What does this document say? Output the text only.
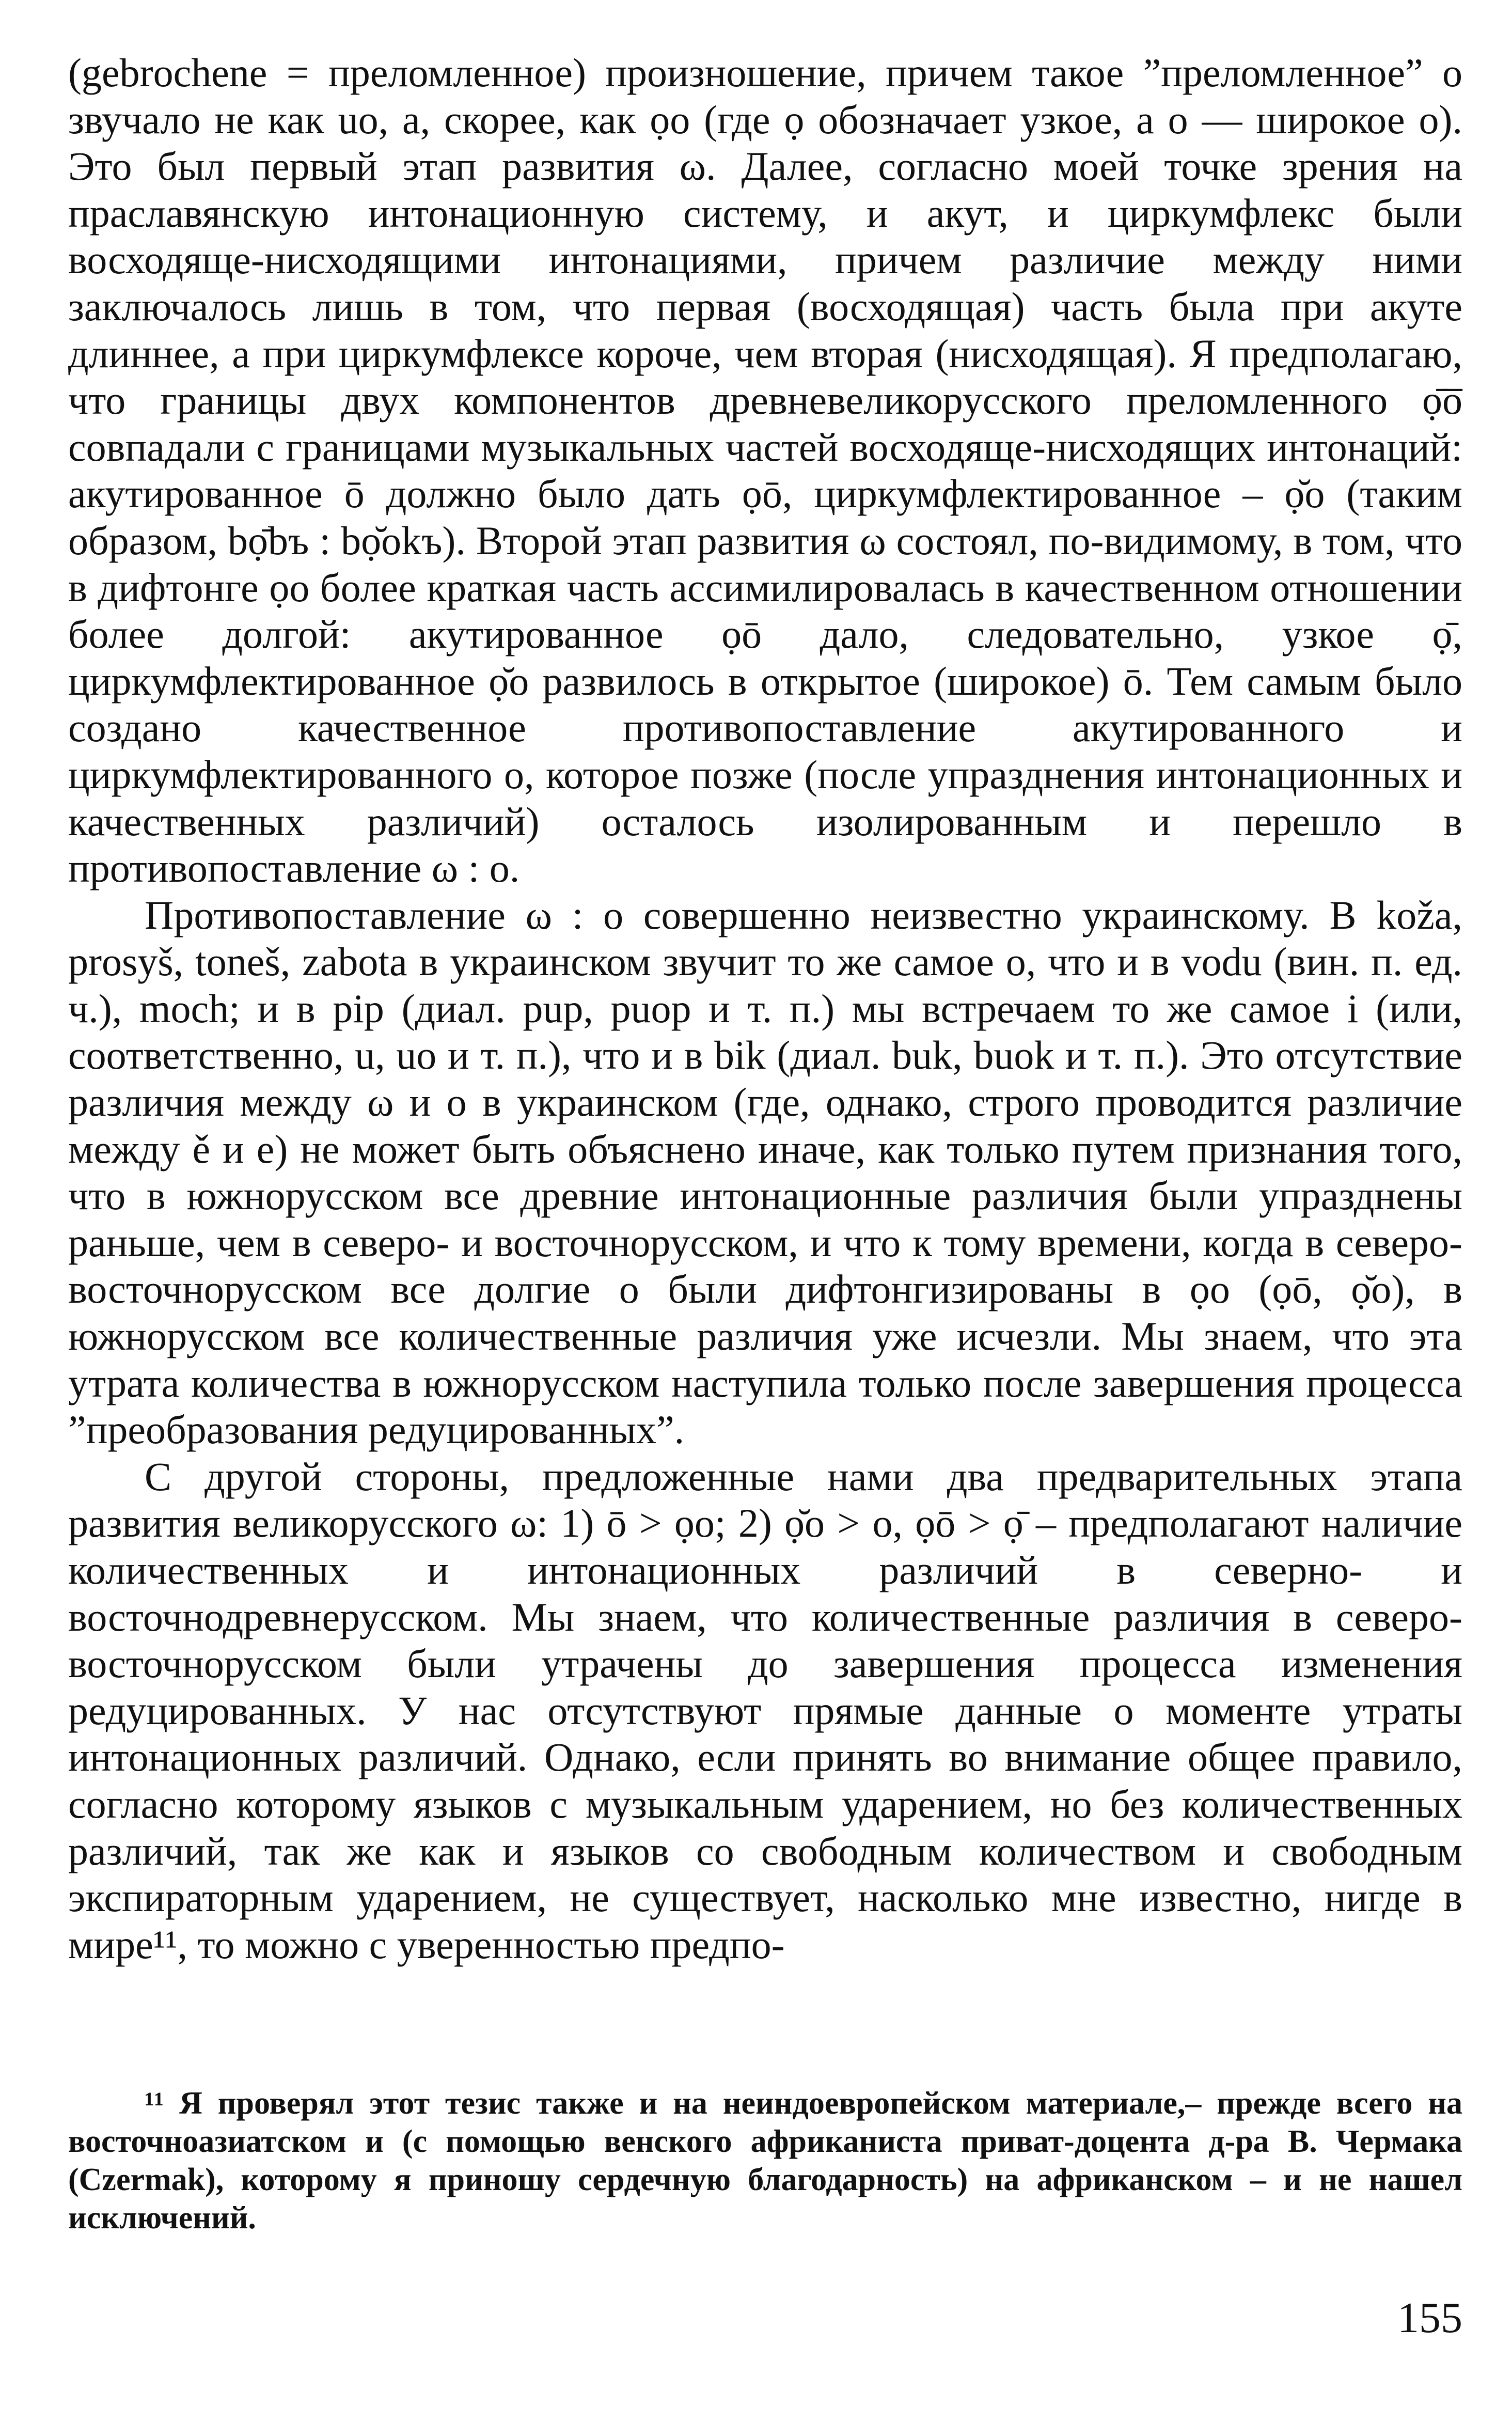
(gebrochene = преломленное) произношение, причем такое ”преломленное” о звучало не как uo, а, скорее, как ọo (где ọ обозначает узкое, а о — широкое о). Это был первый этап развития ω. Далее, согласно моей точке зрения на праславянскую интонационную систему, и акут, и циркумфлекс были восходяще-нисходящими интонациями, причем различие между ними заключалось лишь в том, что первая (восходящая) часть была при акуте длиннее, а при циркумфлексе короче, чем вторая (нисходящая). Я предполагаю, что границы двух компонентов древневеликорусского преломленного ọ̄o̅ совпадали с границами музыкальных частей восходяще-нисходящих интонаций: акутированное ō должно было дать ọō, циркумфлектированное – ọ̆o (таким образом, bọ̄bъ : bọ̆okъ). Второй этап развития ω состоял, по-видимому, в том, что в дифтонге ọo более краткая часть ассимилировалась в качественном отношении более долгой: акутированное ọō дало, следовательно, узкое ọ̄, циркумфлектированное ọ̆o развилось в открытое (широкое) ō. Тем самым было создано качественное противопоставление акутированного и циркумфлектированного о, которое позже (после упразднения интонационных и качественных различий) осталось изолированным и перешло в противопоставление ω : о.

Противопоставление ω : о совершенно неизвестно украинскому. В koža, prosyš, toneš, zabota в украинском звучит то же самое о, что и в vodu (вин. п. ед. ч.), moch; и в pip (диал. pup, puop и т. п.) мы встречаем то же самое i (или, соответственно, u, uo и т. п.), что и в bik (диал. buk, buok и т. п.). Это отсутствие различия между ω и о в украинском (где, однако, строго проводится различие между ě и е) не может быть объяснено иначе, как только путем признания того, что в южнорусском все древние интонационные различия были упразднены раньше, чем в северо- и восточнорусском, и что к тому времени, когда в северо-восточнорусском все долгие о были дифтонгизированы в ọo (ọō, ọ̆o), в южнорусском все количественные различия уже исчезли. Мы знаем, что эта утрата количества в южнорусском наступила только после завершения процесса ”преобразования редуцированных”.

С другой стороны, предложенные нами два предварительных этапа развития великорусского ω: 1) ō > ọo; 2) ọ̆o > о, ọō > ọ̄ – предполагают наличие количественных и интонационных различий в северно- и восточнодревнерусском. Мы знаем, что количественные различия в северо-восточнорусском были утрачены до завершения процесса изменения редуцированных. У нас отсутствуют прямые данные о моменте утраты интонационных различий. Однако, если принять во внимание общее правило, согласно которому языков с музыкальным ударением, но без количественных различий, так же как и языков со свободным количеством и свободным экспираторным ударением, не существует, насколько мне известно, нигде в мире¹¹, то можно с уверенностью предпо-

¹¹ Я проверял этот тезис также и на неиндоевропейском материале,– прежде всего на восточноазиатском и (с помощью венского африканиста приват-доцента д-ра В. Чермака (Czermak), которому я приношу сердечную благодарность) на африканском – и не нашел исключений.

155
